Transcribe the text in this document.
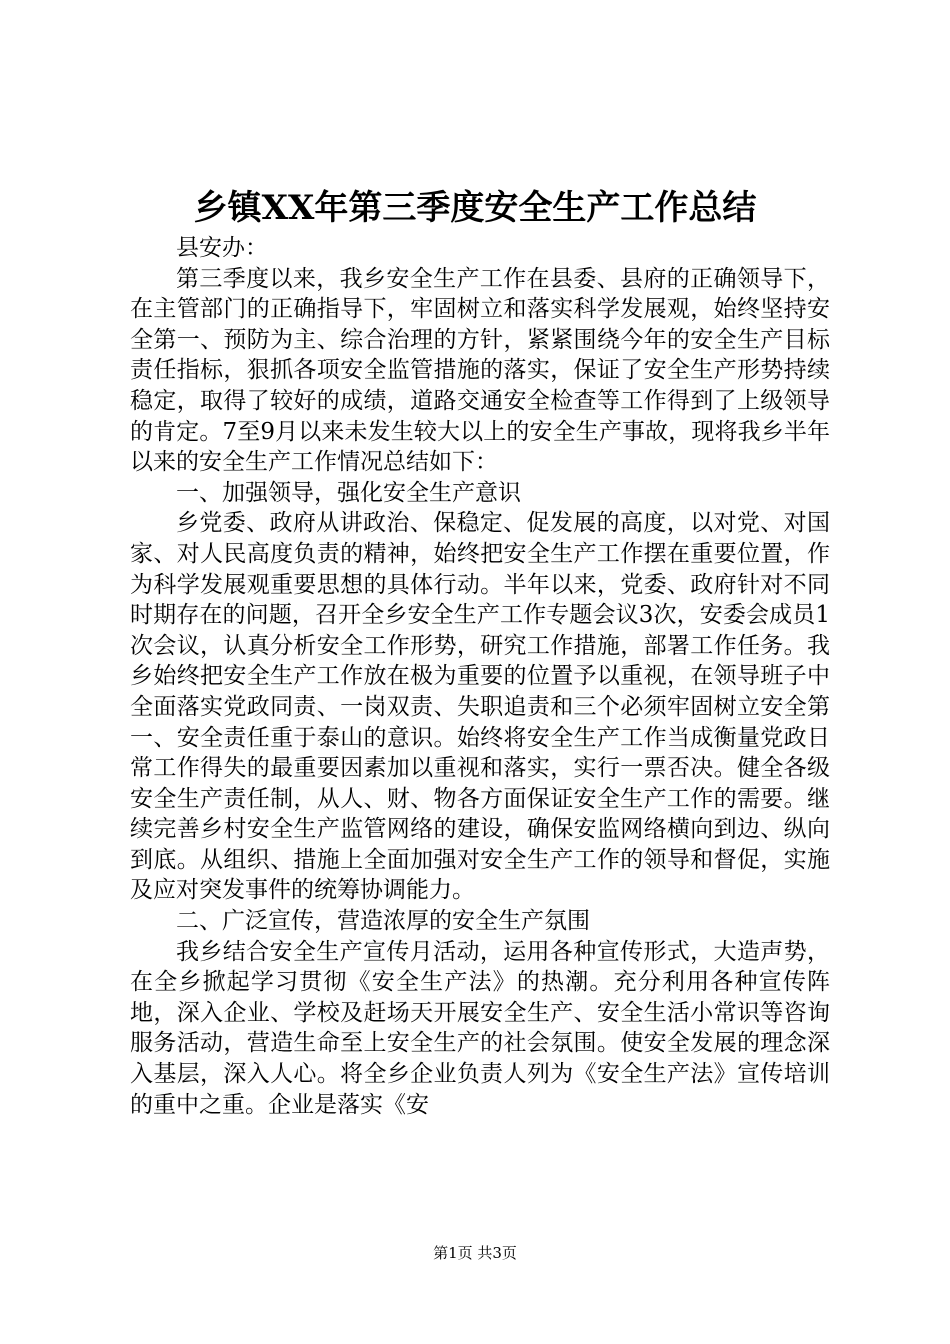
乡镇XX年第三季度安全生产工作总结

县安办：

第三季度以来，我乡安全生产工作在县委、县府的正确领导下，在主管部门的正确指导下，牢固树立和落实科学发展观，始终坚持安全第一、预防为主、综合治理的方针，紧紧围绕今年的安全生产目标责任指标，狠抓各项安全监管措施的落实，保证了安全生产形势持续稳定，取得了较好的成绩，道路交通安全检查等工作得到了上级领导的肯定。7至9月以来未发生较大以上的安全生产事故，现将我乡半年以来的安全生产工作情况总结如下：

一、加强领导，强化安全生产意识

乡党委、政府从讲政治、保稳定、促发展的高度，以对党、对国家、对人民高度负责的精神，始终把安全生产工作摆在重要位置，作为科学发展观重要思想的具体行动。半年以来，党委、政府针对不同时期存在的问题，召开全乡安全生产工作专题会议3次，安委会成员1次会议，认真分析安全工作形势，研究工作措施，部署工作任务。我乡始终把安全生产工作放在极为重要的位置予以重视，在领导班子中全面落实党政同责、一岗双责、失职追责和三个必须牢固树立安全第一、安全责任重于泰山的意识。始终将安全生产工作当成衡量党政日常工作得失的最重要因素加以重视和落实，实行一票否决。健全各级安全生产责任制，从人、财、物各方面保证安全生产工作的需要。继续完善乡村安全生产监管网络的建设，确保安监网络横向到边、纵向到底。从组织、措施上全面加强对安全生产工作的领导和督促，实施及应对突发事件的统筹协调能力。

二、广泛宣传，营造浓厚的安全生产氛围

我乡结合安全生产宣传月活动，运用各种宣传形式，大造声势，在全乡掀起学习贯彻《安全生产法》的热潮。充分利用各种宣传阵地，深入企业、学校及赶场天开展安全生产、安全生活小常识等咨询服务活动，营造生命至上安全生产的社会氛围。使安全发展的理念深入基层，深入人心。将全乡企业负责人列为《安全生产法》宣传培训的重中之重。企业是落实《安

第1页 共3页
